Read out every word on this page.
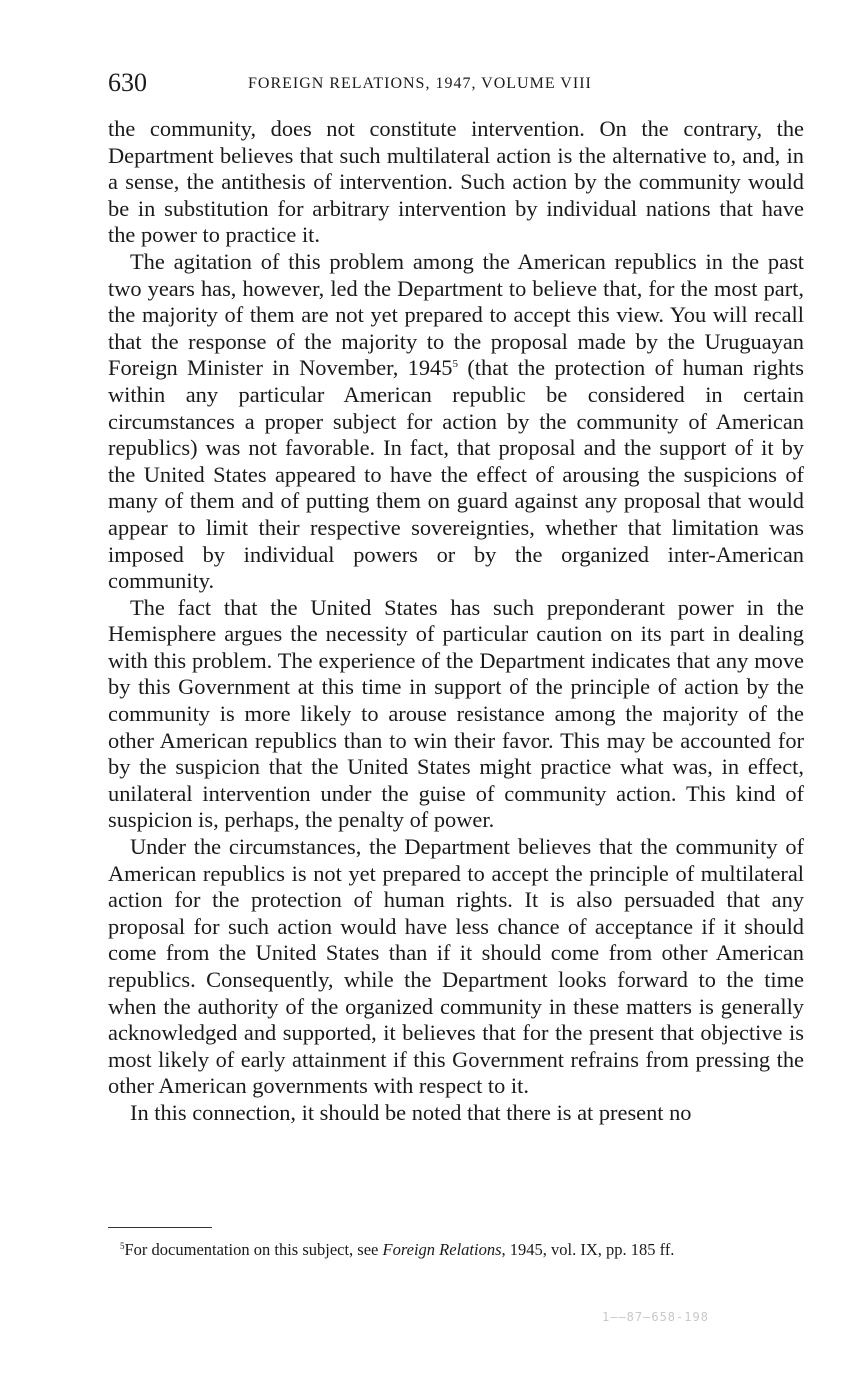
630	FOREIGN RELATIONS, 1947, VOLUME VIII

the community, does not constitute intervention. On the contrary, the Department believes that such multilateral action is the alternative to, and, in a sense, the antithesis of intervention. Such action by the community would be in substitution for arbitrary intervention by individual nations that have the power to practice it.

The agitation of this problem among the American republics in the past two years has, however, led the Department to believe that, for the most part, the majority of them are not yet prepared to accept this view. You will recall that the response of the majority to the proposal made by the Uruguayan Foreign Minister in November, 1945$^5$ (that the protection of human rights within any particular American republic be considered in certain circumstances a proper subject for action by the community of American republics) was not favorable. In fact, that proposal and the support of it by the United States appeared to have the effect of arousing the suspicions of many of them and of putting them on guard against any proposal that would appear to limit their respective sovereignties, whether that limitation was imposed by individual powers or by the organized inter-American community.

The fact that the United States has such preponderant power in the Hemisphere argues the necessity of particular caution on its part in dealing with this problem. The experience of the Department indicates that any move by this Government at this time in support of the principle of action by the community is more likely to arouse resistance among the majority of the other American republics than to win their favor. This may be accounted for by the suspicion that the United States might practice what was, in effect, unilateral intervention under the guise of community action. This kind of suspicion is, perhaps, the penalty of power.

Under the circumstances, the Department believes that the community of American republics is not yet prepared to accept the principle of multilateral action for the protection of human rights. It is also persuaded that any proposal for such action would have less chance of acceptance if it should come from the United States than if it should come from other American republics. Consequently, while the Department looks forward to the time when the authority of the organized community in these matters is generally acknowledged and supported, it believes that for the present that objective is most likely of early attainment if this Government refrains from pressing the other American governments with respect to it.

In this connection, it should be noted that there is at present no

$^5$For documentation on this subject, see Foreign Relations, 1945, vol. IX, pp. 185 ff.
1——87—658-198
